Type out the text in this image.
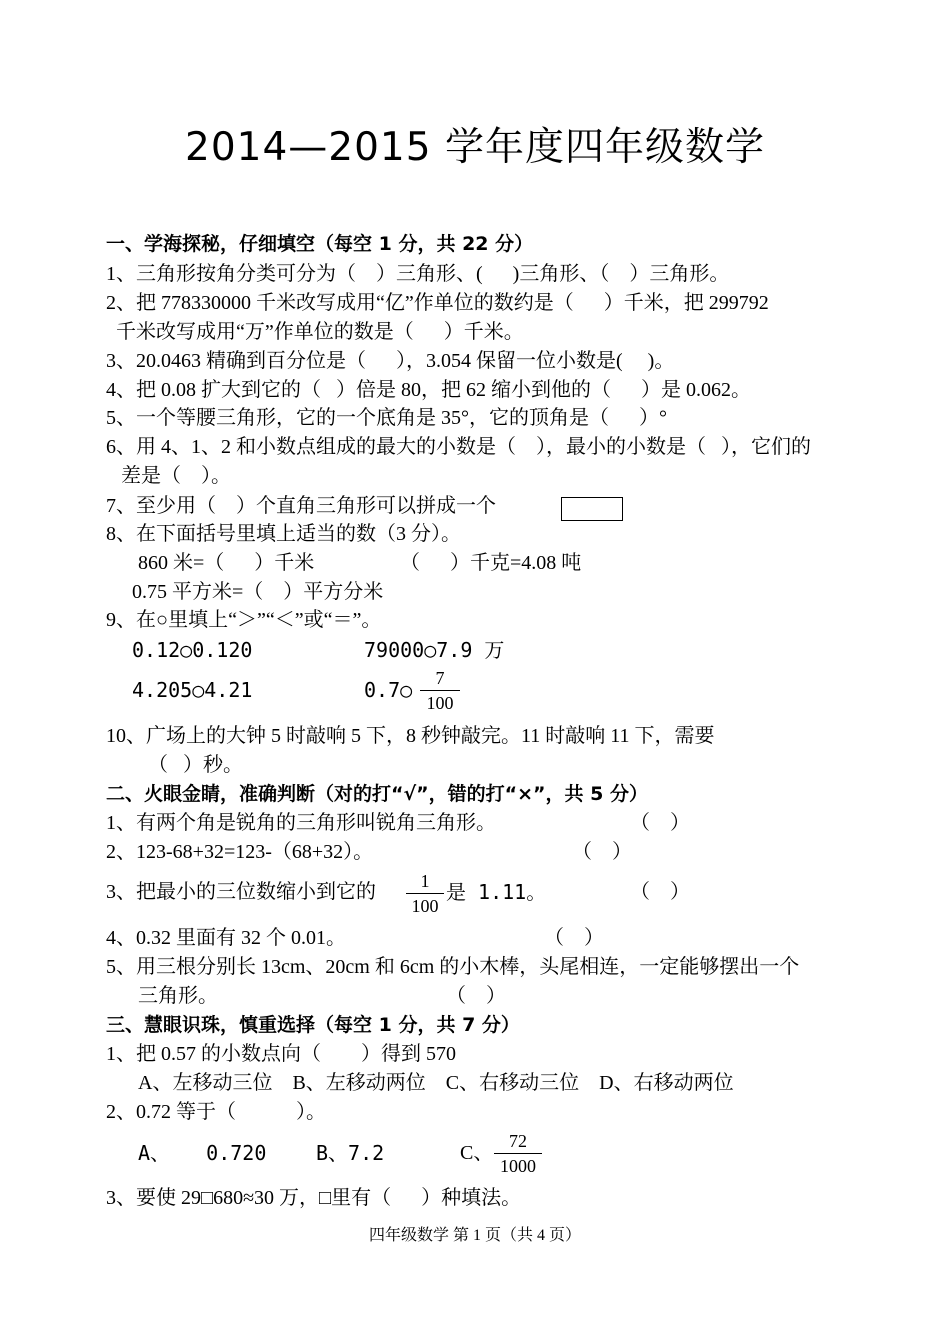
2014—2015 学年度四年级数学
一、学海探秘，仔细填空（每空 1 分，共 22 分）
1、三角形按角分类可分为（    ）三角形、(      )三角形、（    ）三角形。
2、把 778330000 千米改写成用“亿”作单位的数约是（      ）千米，把 299792
千米改写成用“万”作单位的数是（      ）千米。
3、20.0463 精确到百分位是（      ），3.054 保留一位小数是(     )。
4、把 0.08 扩大到它的（   ）倍是 80，把 62 缩小到他的（      ）是 0.062。
5、一个等腰三角形，它的一个底角是 35°，它的顶角是（      ）°
6、用 4、1、2 和小数点组成的最大的小数是（    ），最小的小数是（   ），它们的
差是（    ）。
7、至少用（    ）个直角三角形可以拼成一个
8、在下面括号里填上适当的数（3 分）。
860 米=（      ）千米	（      ）千克=4.08 吨
0.75 平方米=（    ）平方分米
9、在○里填上“＞”“＜”或“＝”。
0.12○0.120	79000○7.9 万
4.205○4.21	0.7○	7
100
10、广场上的大钟 5 时敲响 5 下，8 秒钟敲完。11 时敲响 11 下，需要
（   ）秒。
二、火眼金睛，准确判断（对的打“√”，错的打“×”，共 5 分）
1、有两个角是锐角的三角形叫锐角三角形。	（    ）
2、123-68+32=123-（68+32）。	（    ）
3、把最小的三位数缩小到它的	1
100
是 1.11。	（    ）
4、0.32 里面有 32 个 0.01。	（    ）
5、用三根分别长 13cm、20cm 和 6cm 的小木棒，头尾相连，一定能够摆出一个
三角形。	（    ）
三、慧眼识珠，慎重选择（每空 1 分，共 7 分）
1、把 0.57 的小数点向（        ）得到 570
A、左移动三位    B、左移动两位    C、右移动三位    D、右移动两位
2、0.72 等于（            ）。
A、   0.720 B、7.2	C、
72
1000
3、要使 29□680≈30 万，□里有（      ）种填法。
四年级数学 第 1 页（共 4 页）
